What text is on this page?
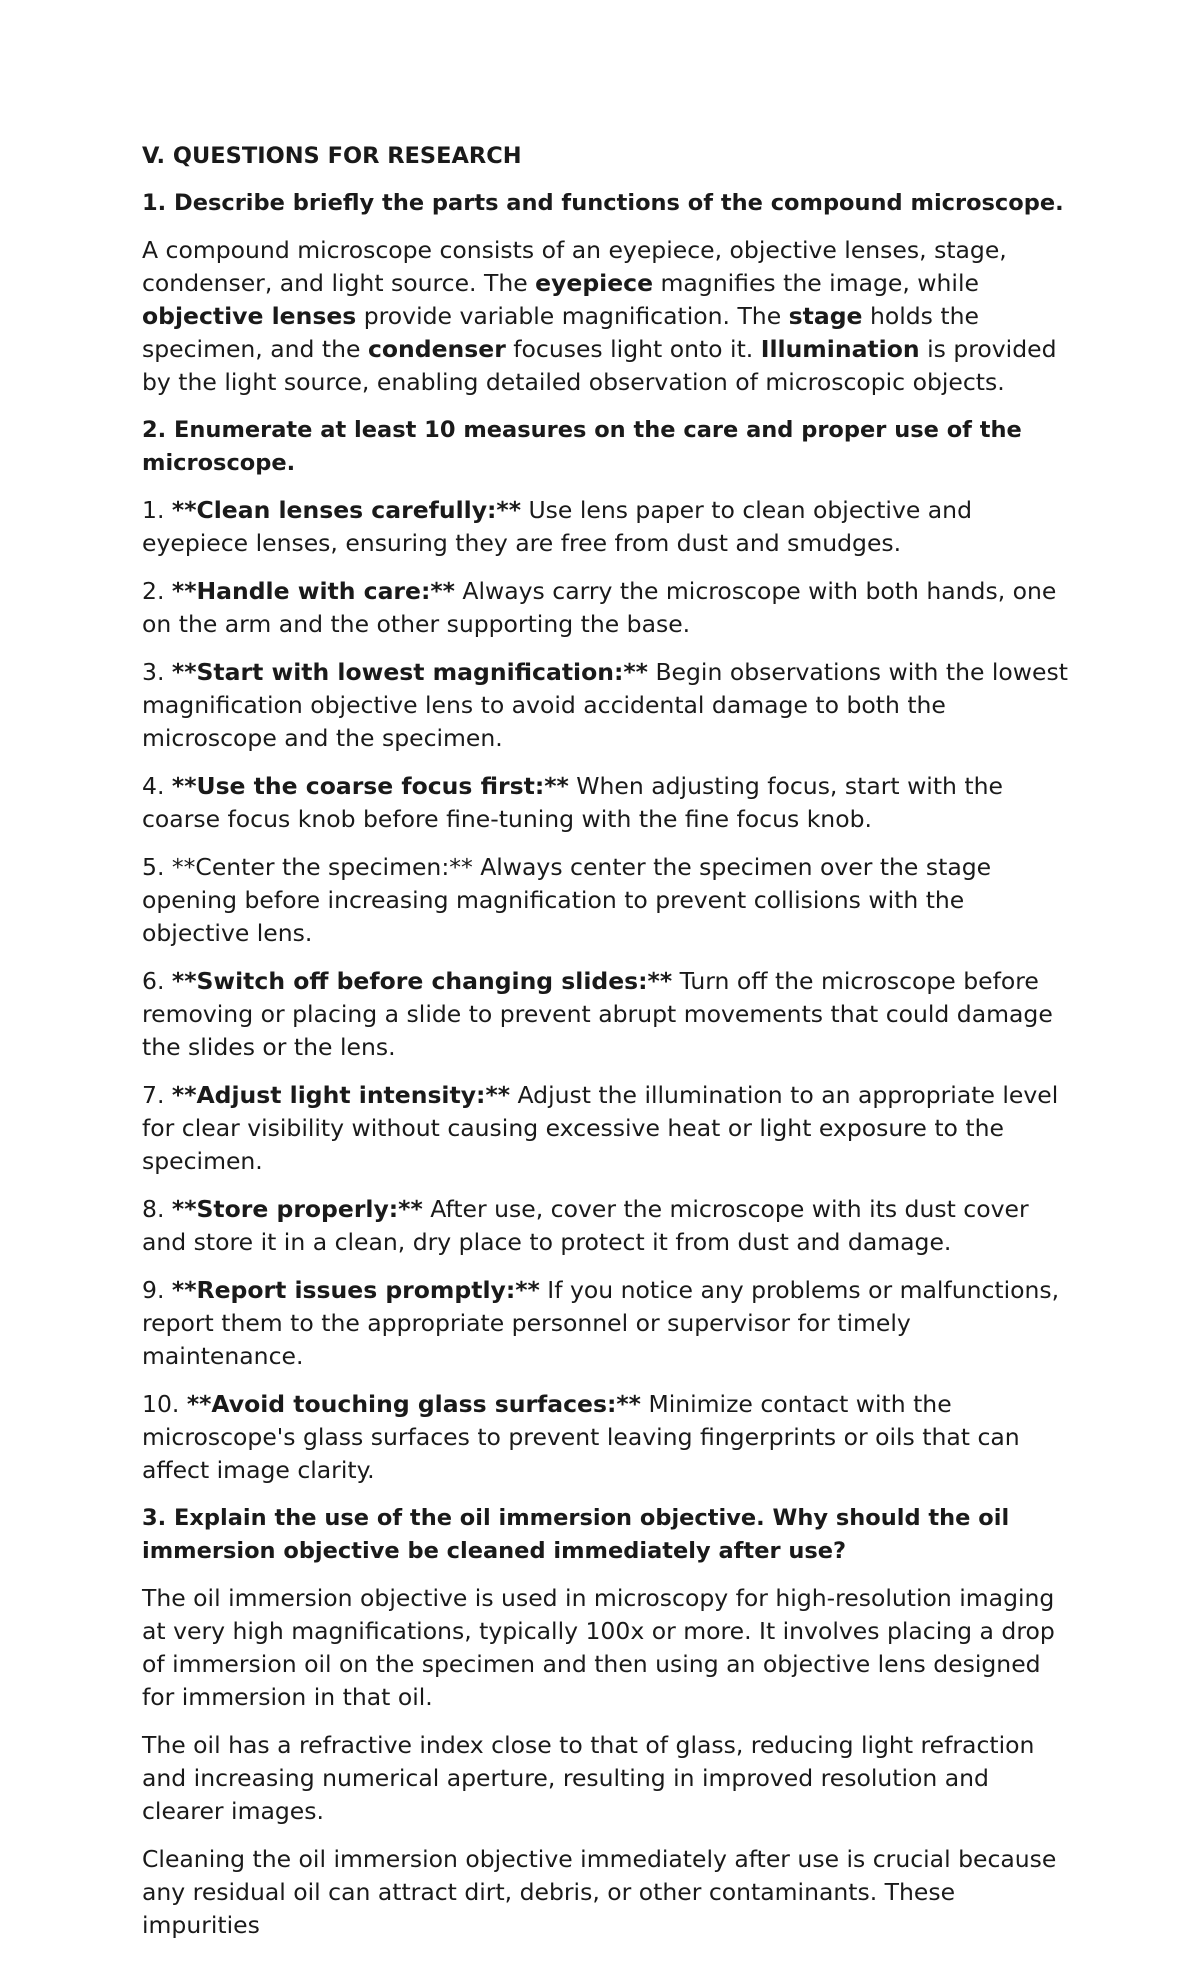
V. QUESTIONS FOR RESEARCH
1. Describe briefly the parts and functions of the compound microscope.

A compound microscope consists of an eyepiece, objective lenses, stage, condenser, and light source. The eyepiece magnifies the image, while objective lenses provide variable magnification. The stage holds the specimen, and the condenser focuses light onto it. Illumination is provided by the light source, enabling detailed observation of microscopic objects.

2. Enumerate at least 10 measures on the care and proper use of the microscope.

1. **Clean lenses carefully:** Use lens paper to clean objective and eyepiece lenses, ensuring they are free from dust and smudges.

2. **Handle with care:** Always carry the microscope with both hands, one on the arm and the other supporting the base.

3. **Start with lowest magnification:** Begin observations with the lowest magnification objective lens to avoid accidental damage to both the microscope and the specimen.

4. **Use the coarse focus first:** When adjusting focus, start with the coarse focus knob before fine-tuning with the fine focus knob.

5. **Center the specimen:** Always center the specimen over the stage opening before increasing magnification to prevent collisions with the objective lens.

6. **Switch off before changing slides:** Turn off the microscope before removing or placing a slide to prevent abrupt movements that could damage the slides or the lens.

7. **Adjust light intensity:** Adjust the illumination to an appropriate level for clear visibility without causing excessive heat or light exposure to the specimen.

8. **Store properly:** After use, cover the microscope with its dust cover and store it in a clean, dry place to protect it from dust and damage.

9. **Report issues promptly:** If you notice any problems or malfunctions, report them to the appropriate personnel or supervisor for timely maintenance.

10. **Avoid touching glass surfaces:** Minimize contact with the microscope's glass surfaces to prevent leaving fingerprints or oils that can affect image clarity.

3. Explain the use of the oil immersion objective. Why should the oil immersion objective be cleaned immediately after use?

The oil immersion objective is used in microscopy for high-resolution imaging at very high magnifications, typically 100x or more. It involves placing a drop of immersion oil on the specimen and then using an objective lens designed for immersion in that oil.

The oil has a refractive index close to that of glass, reducing light refraction and increasing numerical aperture, resulting in improved resolution and clearer images.

Cleaning the oil immersion objective immediately after use is crucial because any residual oil can attract dirt, debris, or other contaminants. These impurities
